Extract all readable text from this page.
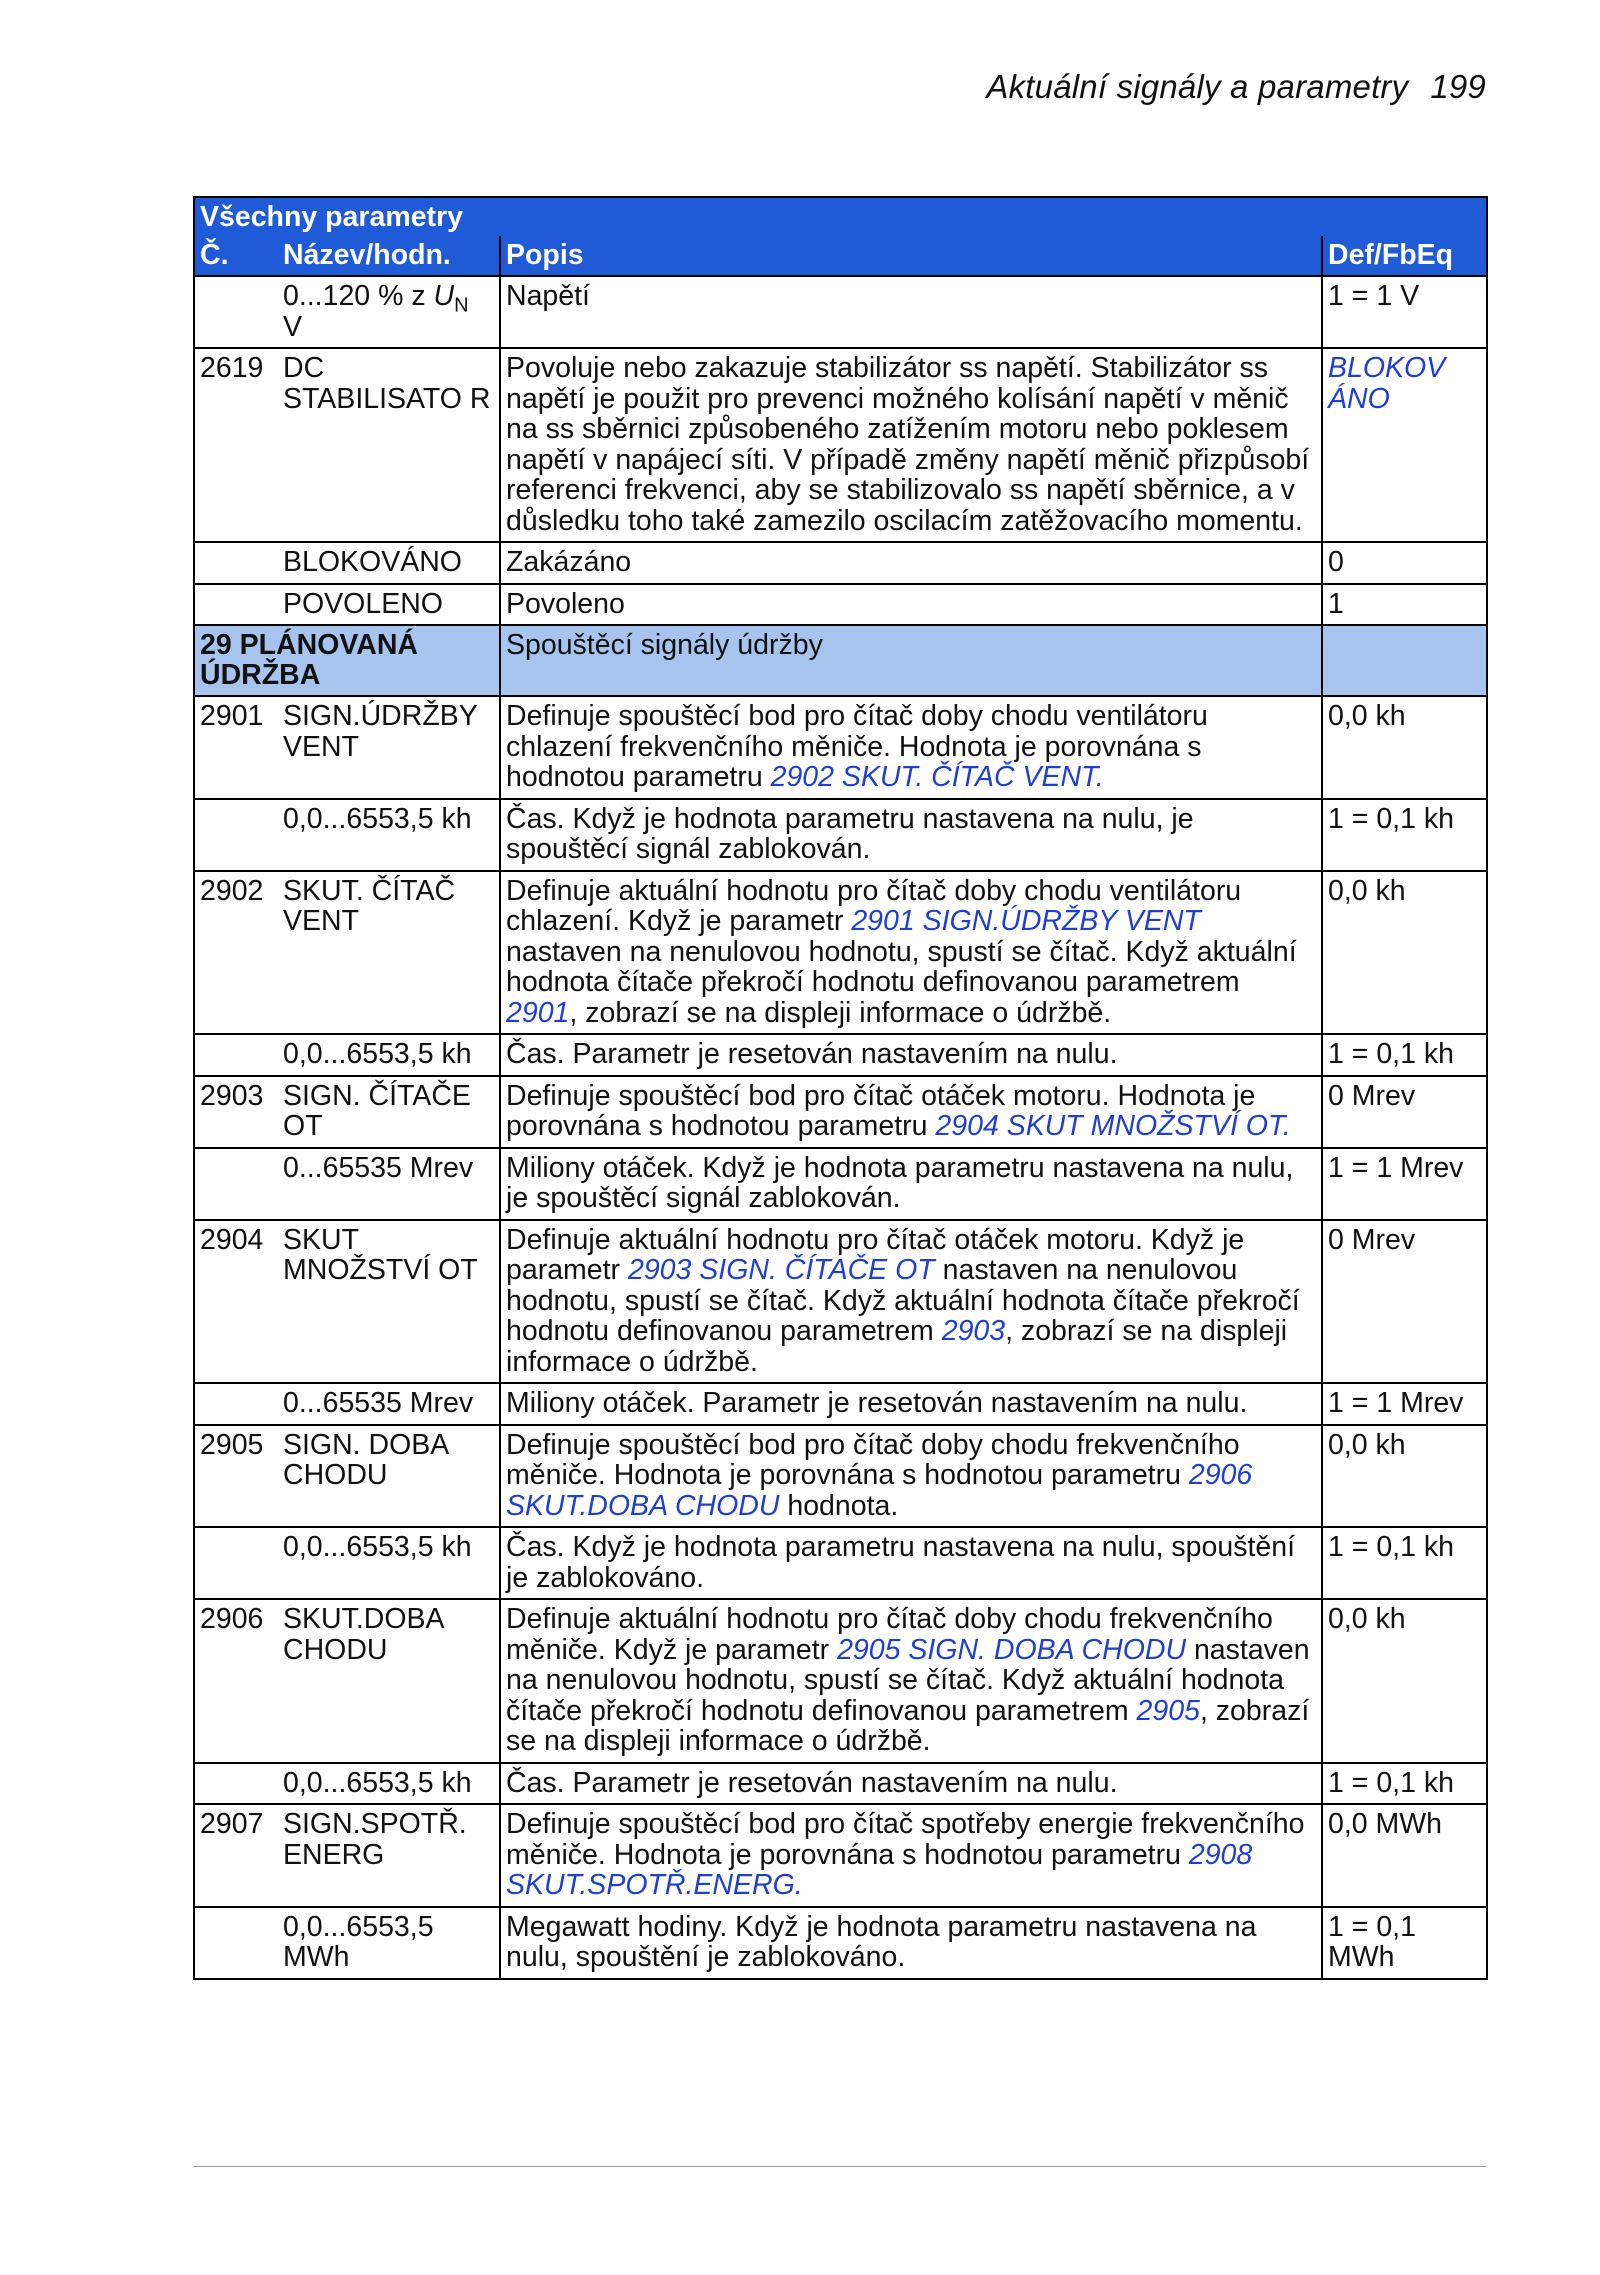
Aktuální signály a parametry 199
Všechny parametry			
Č.	Název/hodn.	Popis	Def/FbEq
	0...120 % z $U_N$ V	Napětí	1 = 1 V
2619	DC STABILISATO R	Povoluje nebo zakazuje stabilizátor ss napětí. Stabilizátor ss napětí je použit pro prevenci možného kolísání napětí v měnič na ss sběrnici způsobeného zatížením motoru nebo poklesem napětí v napájecí síti. V případě změny napětí měnič přizpůsobí referenci frekvenci, aby se stabilizovalo ss napětí sběrnice, a v důsledku toho také zamezilo oscilacím zatěžovacího momentu.	BLOKOV ÁNO
	BLOKOVÁNO	Zakázáno	0
	POVOLENO	Povoleno	1
29 PLÁNOVANÁ ÚDRŽBA		Spouštěcí signály údržby	
2901	SIGN.ÚDRŽBY VENT	Definuje spouštěcí bod pro čítač doby chodu ventilátoru chlazení frekvenčního měniče. Hodnota je porovnána s hodnotou parametru 2902 SKUT. ČÍTAČ VENT.	0,0 kh
	0,0...6553,5 kh	Čas. Když je hodnota parametru nastavena na nulu, je spouštěcí signál zablokován.	1 = 0,1 kh
2902	SKUT. ČÍTAČ VENT	Definuje aktuální hodnotu pro čítač doby chodu ventilátoru chlazení. Když je parametr 2901 SIGN.ÚDRŽBY VENT nastaven na nenulovou hodnotu, spustí se čítač. Když aktuální hodnota čítače překročí hodnotu definovanou parametrem 2901, zobrazí se na displeji informace o údržbě.	0,0 kh
	0,0...6553,5 kh	Čas. Parametr je resetován nastavením na nulu.	1 = 0,1 kh
2903	SIGN. ČÍTAČE OT	Definuje spouštěcí bod pro čítač otáček motoru. Hodnota je porovnána s hodnotou parametru 2904 SKUT MNOŽSTVÍ OT.	0 Mrev
	0...65535 Mrev	Miliony otáček. Když je hodnota parametru nastavena na nulu, je spouštěcí signál zablokován.	1 = 1 Mrev
2904	SKUT MNOŽSTVÍ OT	Definuje aktuální hodnotu pro čítač otáček motoru. Když je parametr 2903 SIGN. ČÍTAČE OT nastaven na nenulovou hodnotu, spustí se čítač. Když aktuální hodnota čítače překročí hodnotu definovanou parametrem 2903, zobrazí se na displeji informace o údržbě.	0 Mrev
	0...65535 Mrev	Miliony otáček. Parametr je resetován nastavením na nulu.	1 = 1 Mrev
2905	SIGN. DOBA CHODU	Definuje spouštěcí bod pro čítač doby chodu frekvenčního měniče. Hodnota je porovnána s hodnotou parametru 2906 SKUT.DOBA CHODU hodnota.	0,0 kh
	0,0...6553,5 kh	Čas. Když je hodnota parametru nastavena na nulu, spouštění je zablokováno.	1 = 0,1 kh
2906	SKUT.DOBA CHODU	Definuje aktuální hodnotu pro čítač doby chodu frekvenčního měniče. Když je parametr 2905 SIGN. DOBA CHODU nastaven na nenulovou hodnotu, spustí se čítač. Když aktuální hodnota čítače překročí hodnotu definovanou parametrem 2905, zobrazí se na displeji informace o údržbě.	0,0 kh
	0,0...6553,5 kh	Čas. Parametr je resetován nastavením na nulu.	1 = 0,1 kh
2907	SIGN.SPOTŘ. ENERG	Definuje spouštěcí bod pro čítač spotřeby energie frekvenčního měniče. Hodnota je porovnána s hodnotou parametru 2908 SKUT.SPOTŘ.ENERG.	0,0 MWh
	0,0...6553,5 MWh	Megawatt hodiny. Když je hodnota parametru nastavena na nulu, spouštění je zablokováno.	1 = 0,1 MWh
